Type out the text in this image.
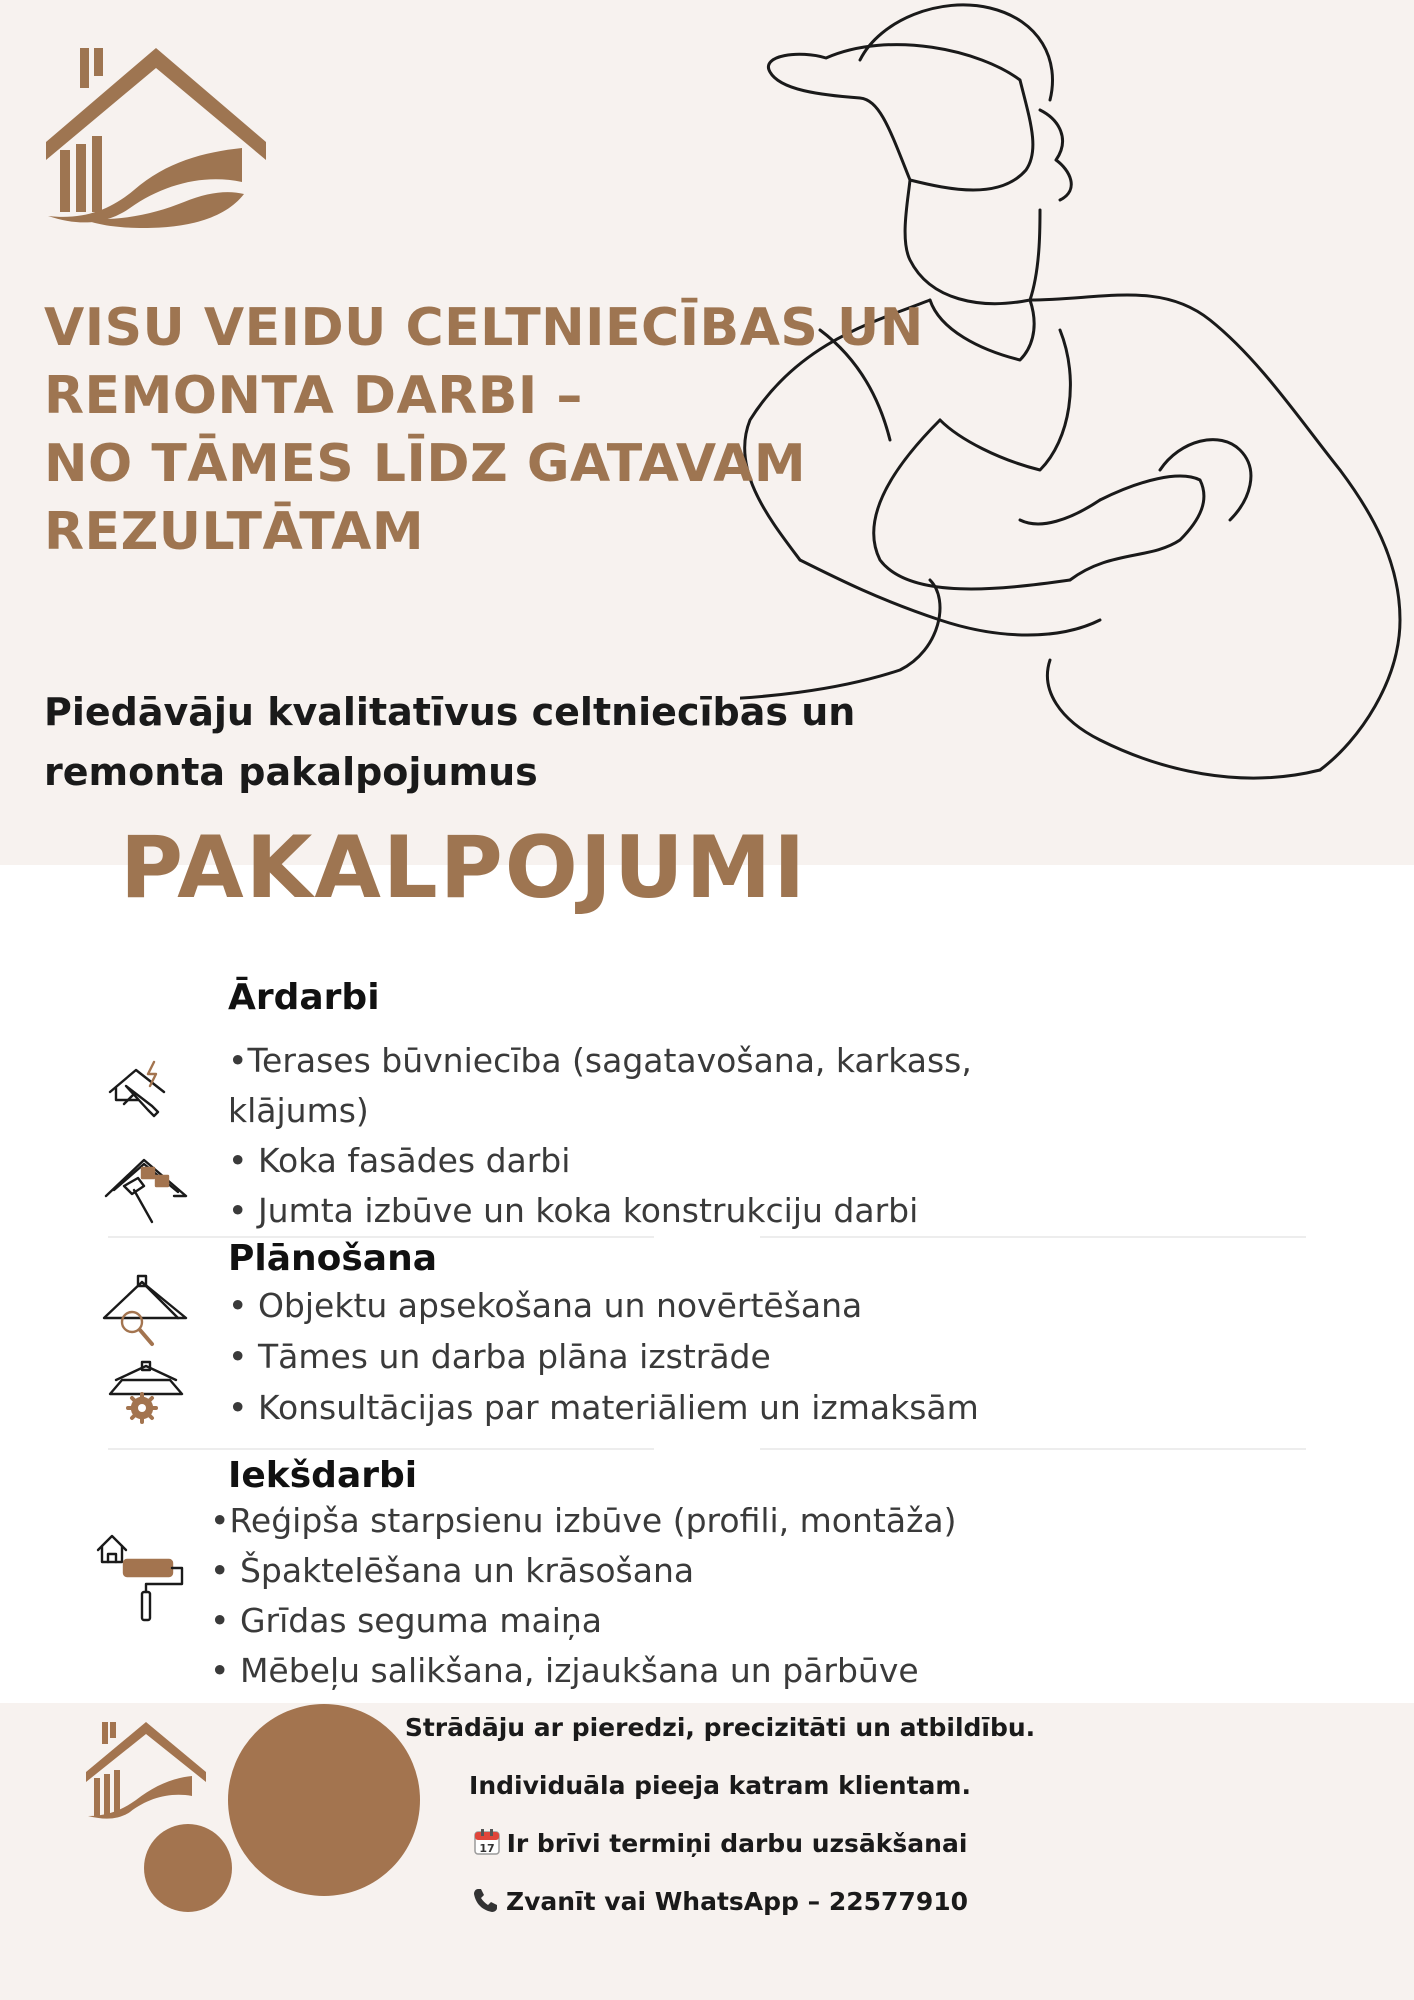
VISU VEIDU CELTNIECĪBAS UN
REMONTA DARBI –
NO TĀMES LĪDZ GATAVAM
REZULTĀTAM

Piedāvāju kvalitatīvus celtniecības un
remonta pakalpojumus

PAKALPOJUMI
Ārdarbi

•Terases būvniecība (sagatavošana, karkass,

klājums)

• Koka fasādes darbi

• Jumta izbūve un koka konstrukciju darbi

Plānošana

• Objektu apsekošana un novērtēšana

• Tāmes un darba plāna izstrāde

• Konsultācijas par materiāliem un izmaksām

Iekšdarbi

•Reģipša starpsienu izbūve (profili, montāža)

• Špaktelēšana un krāsošana

• Grīdas seguma maiņa

• Mēbeļu salikšana, izjaukšana un pārbūve

Strādāju ar pieredzi, precizitāti un atbildību.

Individuāla pieeja katram klientam.

17 Ir brīvi termiņi darbu uzsākšanai

Zvanīt vai WhatsApp – 22577910
